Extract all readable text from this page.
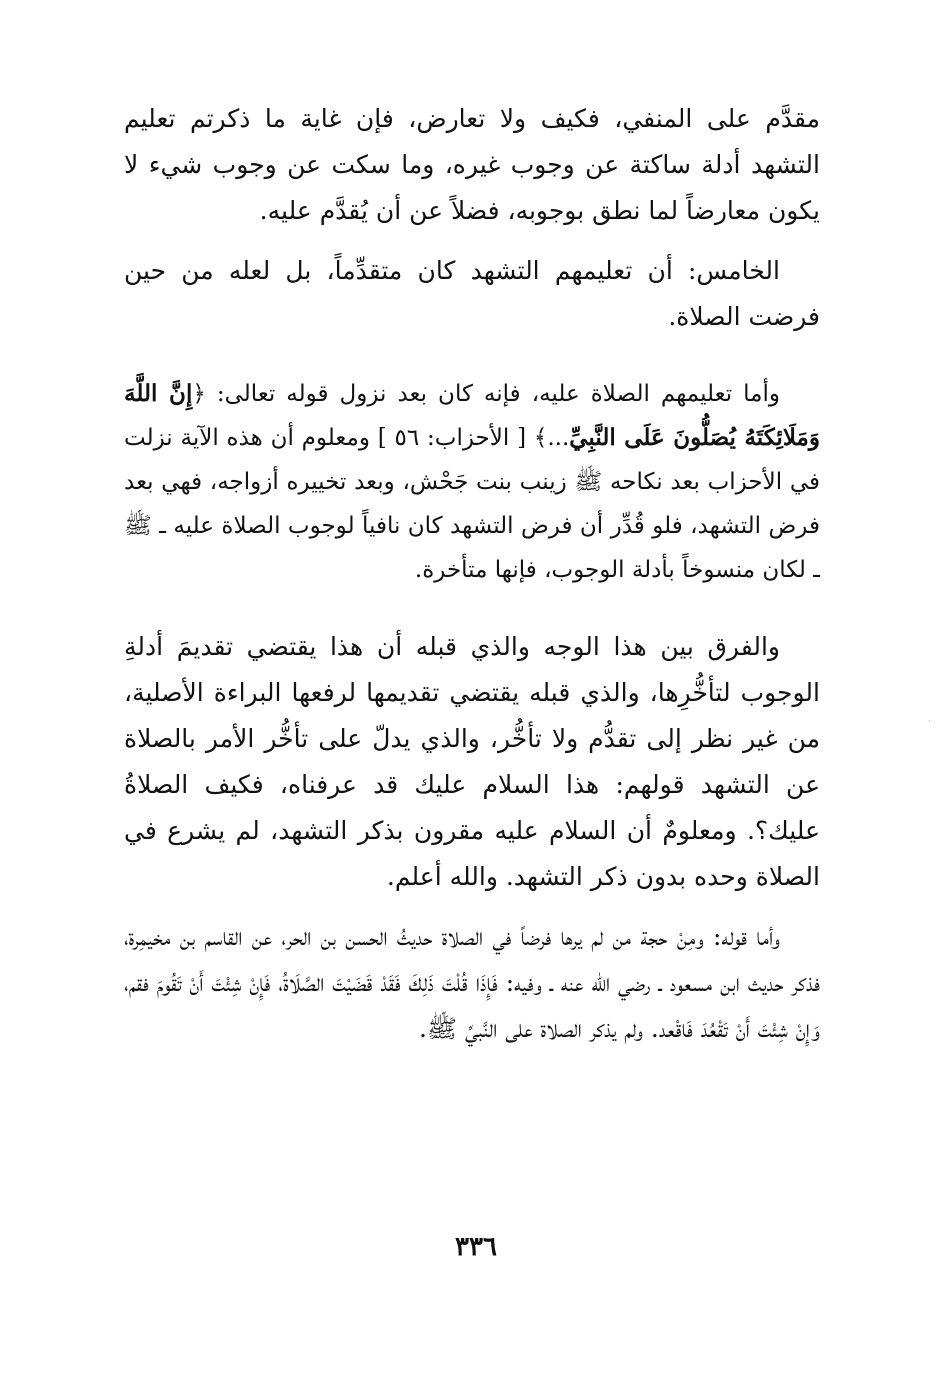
مقدَّم على المنفي، فكيف ولا تعارض، فإن غاية ما ذكرتم تعليم التشهد أدلة ساكتة عن وجوب غيره، وما سكت عن وجوب شيء لا يكون معارضاً لما نطق بوجوبه، فضلاً عن أن يُقدَّم عليه.

الخامس: أن تعليمهم التشهد كان متقدِّماً، بل لعله من حين فرضت الصلاة.

وأما تعليمهم الصلاة عليه، فإنه كان بعد نزول قوله تعالى: ﴿إِنَّ اللَّهَ وَمَلَائِكَتَهُ يُصَلُّونَ عَلَى النَّبِيِّ...﴾ [ الأحزاب: ٥٦ ] ومعلوم أن هذه الآية نزلت في الأحزاب بعد نكاحه ﷺ زينب بنت جَحْش، وبعد تخييره أزواجه، فهي بعد فرض التشهد، فلو قُدِّر أن فرض التشهد كان نافياً لوجوب الصلاة عليه ـ ﷺ ـ لكان منسوخاً بأدلة الوجوب، فإنها متأخرة.

والفرق بين هذا الوجه والذي قبله أن هذا يقتضي تقديمَ أدلةِ الوجوب لتأخُّرِها، والذي قبله يقتضي تقديمها لرفعها البراءة الأصلية، من غير نظر إلى تقدُّم ولا تأخُّر، والذي يدلّ على تأخُّر الأمر بالصلاة عن التشهد قولهم: هذا السلام عليك قد عرفناه، فكيف الصلاةُ عليك؟. ومعلومٌ أن السلام عليه مقرون بذكر التشهد، لم يشرع في الصلاة وحده بدون ذكر التشهد. والله أعلم.

وأما قوله: ومِنْ حجة من لم يرها فرضاً في الصلاة حديثُ الحسن بن الحر، عن القاسم بن مخيمِرة، فذكر حديث ابن مسعود ـ رضي الله عنه ـ وفيه: فَإِذَا قُلْتَ ذَلِكَ فَقَدْ قَضَيْتَ الصَّلَاةُ، فَإِنْ شِئْتَ أَنْ تَقُومَ فقم، وَإِنْ شِئْتَ أَنْ تَقْعُدَ فَاقْعد. ولم يذكر الصلاة على النَّبيِّ ﷺ.

٣٣٦
